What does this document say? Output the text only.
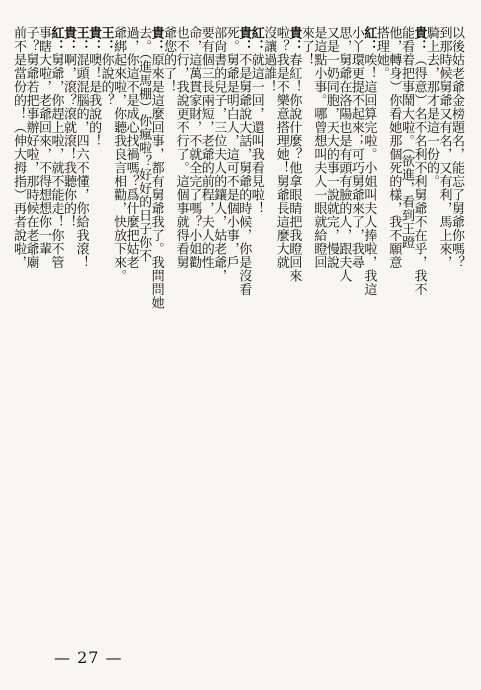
死。舅爺是明白人，這可不是個小事，戶
部尙書的兒子，三位夫人的鑲人，姑老爺，
要有個三長兩短，老爺的前程，夫人的性
命，這萬貫家財，不就全完了嗎？小姐勸
也不行，我說更不行了。這個事就得看舅
爺您的了！
貴：原來是這麼回事，都有舅爺我了。我問問她
去。（進馬棚）你瘋啦？好好的日子你不
過，你這不是成心找禍嗎？爲什麼把姑老
爺綁起來啦，你聽我良言相勸，快放下來。
王：你說的？
貴：噢！是我說的！
王：混頭混腦的，四六不懂，你給我滾！
貴：啊，滾？滾就滾！我聽你的！
紅：舅爺，你趕上啦，就不能走！你不管
事瞎大啦，老爺回來，不得想想你一輩
子？舅爺若把事辦好啦，那時候在老爺廟
前不是當份的！（伸大拇指）再者說啦，
— 27 —
以後姑老爺金榜題名，能忘了舅爺你嗎？
到那時候舅爺又有名，又有利，馬上來，
騎上去，那才是這一份的。
貴：（得意）名不名利不利舅爺不在乎，我不
能看着把事鬧大啦。（欲進，看到王蹬
他，轉身）你看她那個死的樣，我不願意
搭理她。
紅：唉！這回算完啦。小姐叫夫人捧啦，我這
小丫環更提不起來；可巧舅爺來了，我尋
思，舅爺在洛陽也是有頭有臉的人，跟夫人
又是一奶同胞，天大的事一說就完，慢說
是這點小事。哪曾想叫夫人一眼就給瞪回
來了！
貴：春紅！你說什麼？他拿眼睛把我瞪回來
啦？我是不樂意搭理她！舅爺長這麼大就
沒讓過誰！
紅：就這一回，還叫我看見啦！
貴：不是舅爺說大話，舅爺的時候，你是沒看
